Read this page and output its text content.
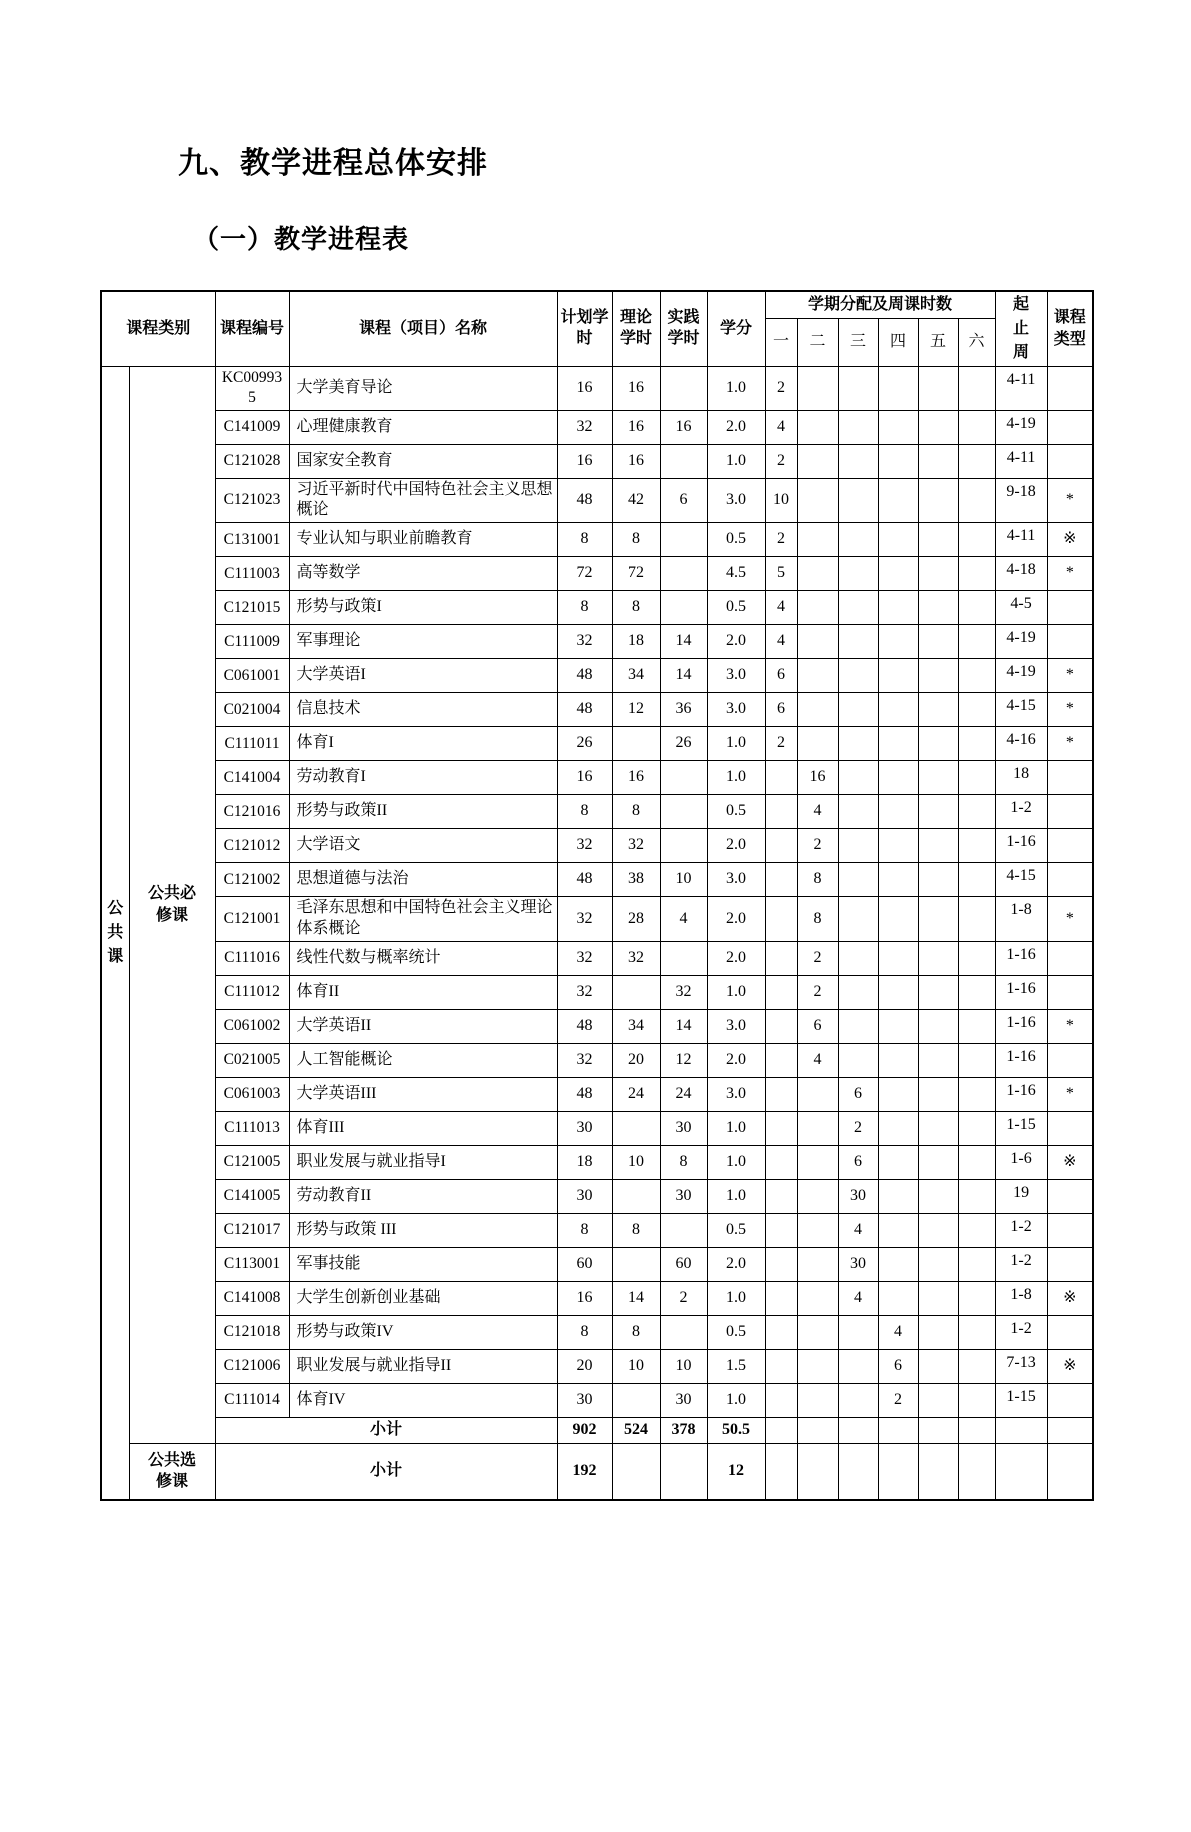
九、教学进程总体安排
（一）教学进程表
课程类别		课程编号	课程（项目）名称	计划学时	理论学时	实践学时	学分	学期分配及周课时数						起止周	课程类型
								一	二	三	四	五	六		
公共课	公共必修课	KC009935	大学美育导论	16	16		1.0	2						4-11	
		C141009	心理健康教育	32	16	16	2.0	4						4-19	
		C121028	国家安全教育	16	16		1.0	2						4-11	
		C121023	习近平新时代中国特色社会主义思想概论	48	42	6	3.0	10						9-18	*
		C131001	专业认知与职业前瞻教育	8	8		0.5	2						4-11	※
		C111003	高等数学	72	72		4.5	5						4-18	*
		C121015	形势与政策I	8	8		0.5	4						4-5	
		C111009	军事理论	32	18	14	2.0	4						4-19	
		C061001	大学英语I	48	34	14	3.0	6						4-19	*
		C021004	信息技术	48	12	36	3.0	6						4-15	*
		C111011	体育I	26		26	1.0	2						4-16	*
		C141004	劳动教育I	16	16		1.0		16					18	
		C121016	形势与政策II	8	8		0.5		4					1-2	
		C121012	大学语文	32	32		2.0		2					1-16	
		C121002	思想道德与法治	48	38	10	3.0		8					4-15	
		C121001	毛泽东思想和中国特色社会主义理论体系概论	32	28	4	2.0		8					1-8	*
		C111016	线性代数与概率统计	32	32		2.0		2					1-16	
		C111012	体育II	32		32	1.0		2					1-16	
		C061002	大学英语II	48	34	14	3.0		6					1-16	*
		C021005	人工智能概论	32	20	12	2.0		4					1-16	
		C061003	大学英语III	48	24	24	3.0			6				1-16	*
		C111013	体育III	30		30	1.0			2				1-15	
		C121005	职业发展与就业指导I	18	10	8	1.0			6				1-6	※
		C141005	劳动教育II	30		30	1.0			30				19	
		C121017	形势与政策 III	8	8		0.5			4				1-2	
		C113001	军事技能	60		60	2.0			30				1-2	
		C141008	大学生创新创业基础	16	14	2	1.0			4				1-8	※
		C121018	形势与政策IV	8	8		0.5				4			1-2	
		C121006	职业发展与就业指导II	20	10	10	1.5				6			7-13	※
		C111014	体育IV	30		30	1.0				2			1-15	
		小计		902	524	378	50.5								
	公共选修课	小计		192			12								
